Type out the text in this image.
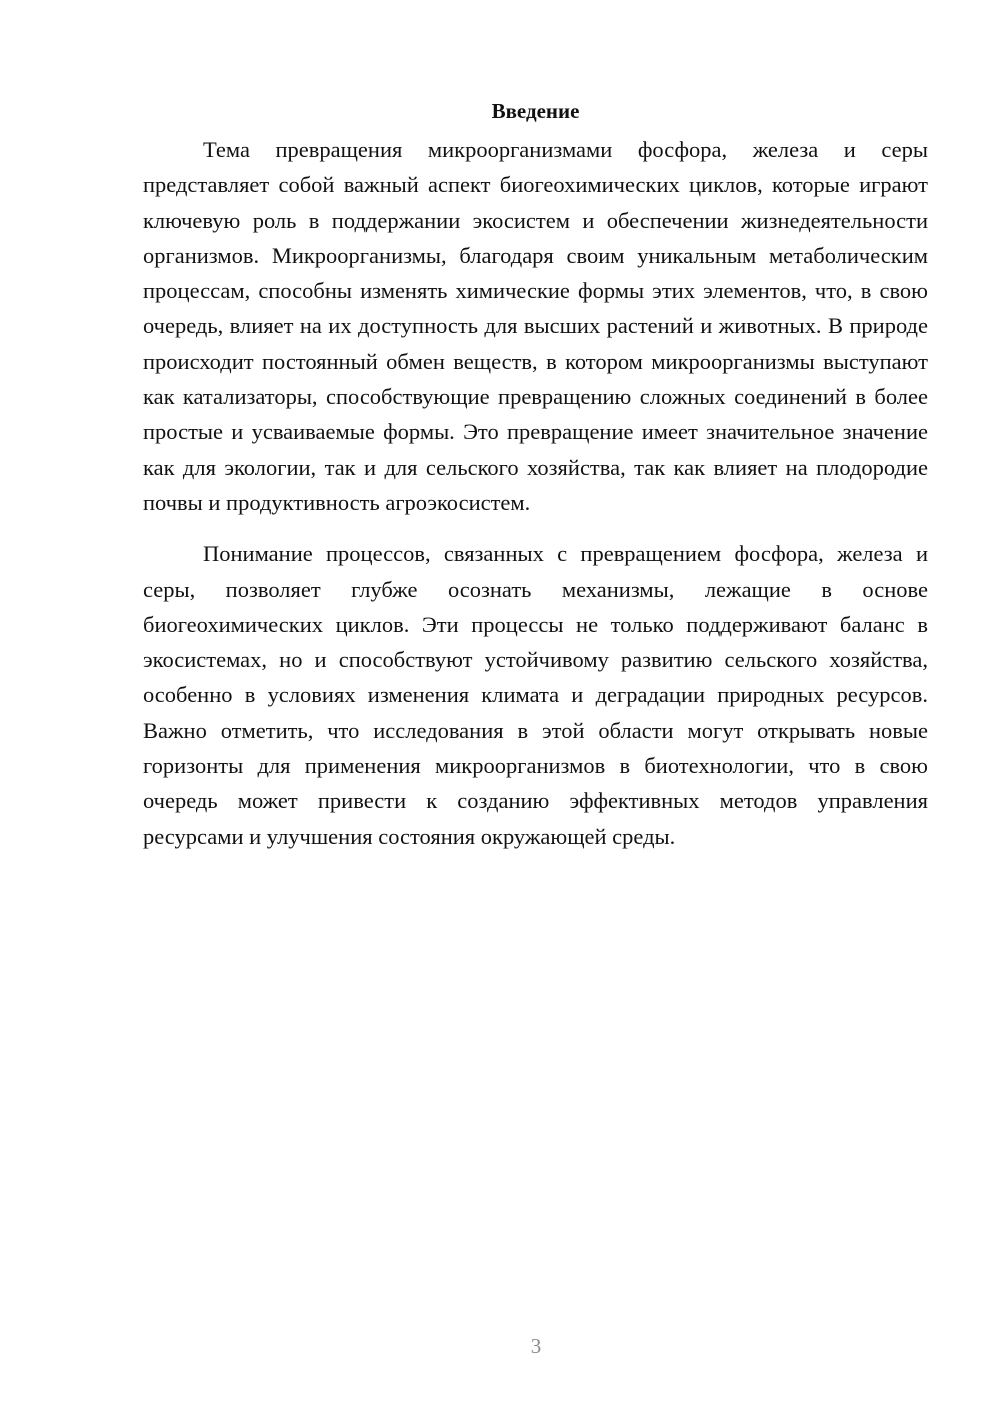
Введение

Тема превращения микроорганизмами фосфора, железа и серы представляет собой важный аспект биогеохимических циклов, которые играют ключевую роль в поддержании экосистем и обеспечении жизнедеятельности организмов. Микроорганизмы, благодаря своим уникальным метаболическим процессам, способны изменять химические формы этих элементов, что, в свою очередь, влияет на их доступность для высших растений и животных. В природе происходит постоянный обмен веществ, в котором микроорганизмы выступают как катализаторы, способствующие превращению сложных соединений в более простые и усваиваемые формы. Это превращение имеет значительное значение как для экологии, так и для сельского хозяйства, так как влияет на плодородие почвы и продуктивность агроэкосистем.

Понимание процессов, связанных с превращением фосфора, железа и серы, позволяет глубже осознать механизмы, лежащие в основе биогеохимических циклов. Эти процессы не только поддерживают баланс в экосистемах, но и способствуют устойчивому развитию сельского хозяйства, особенно в условиях изменения климата и деградации природных ресурсов. Важно отметить, что исследования в этой области могут открывать новые горизонты для применения микроорганизмов в биотехнологии, что в свою очередь может привести к созданию эффективных методов управления ресурсами и улучшения состояния окружающей среды.

3
